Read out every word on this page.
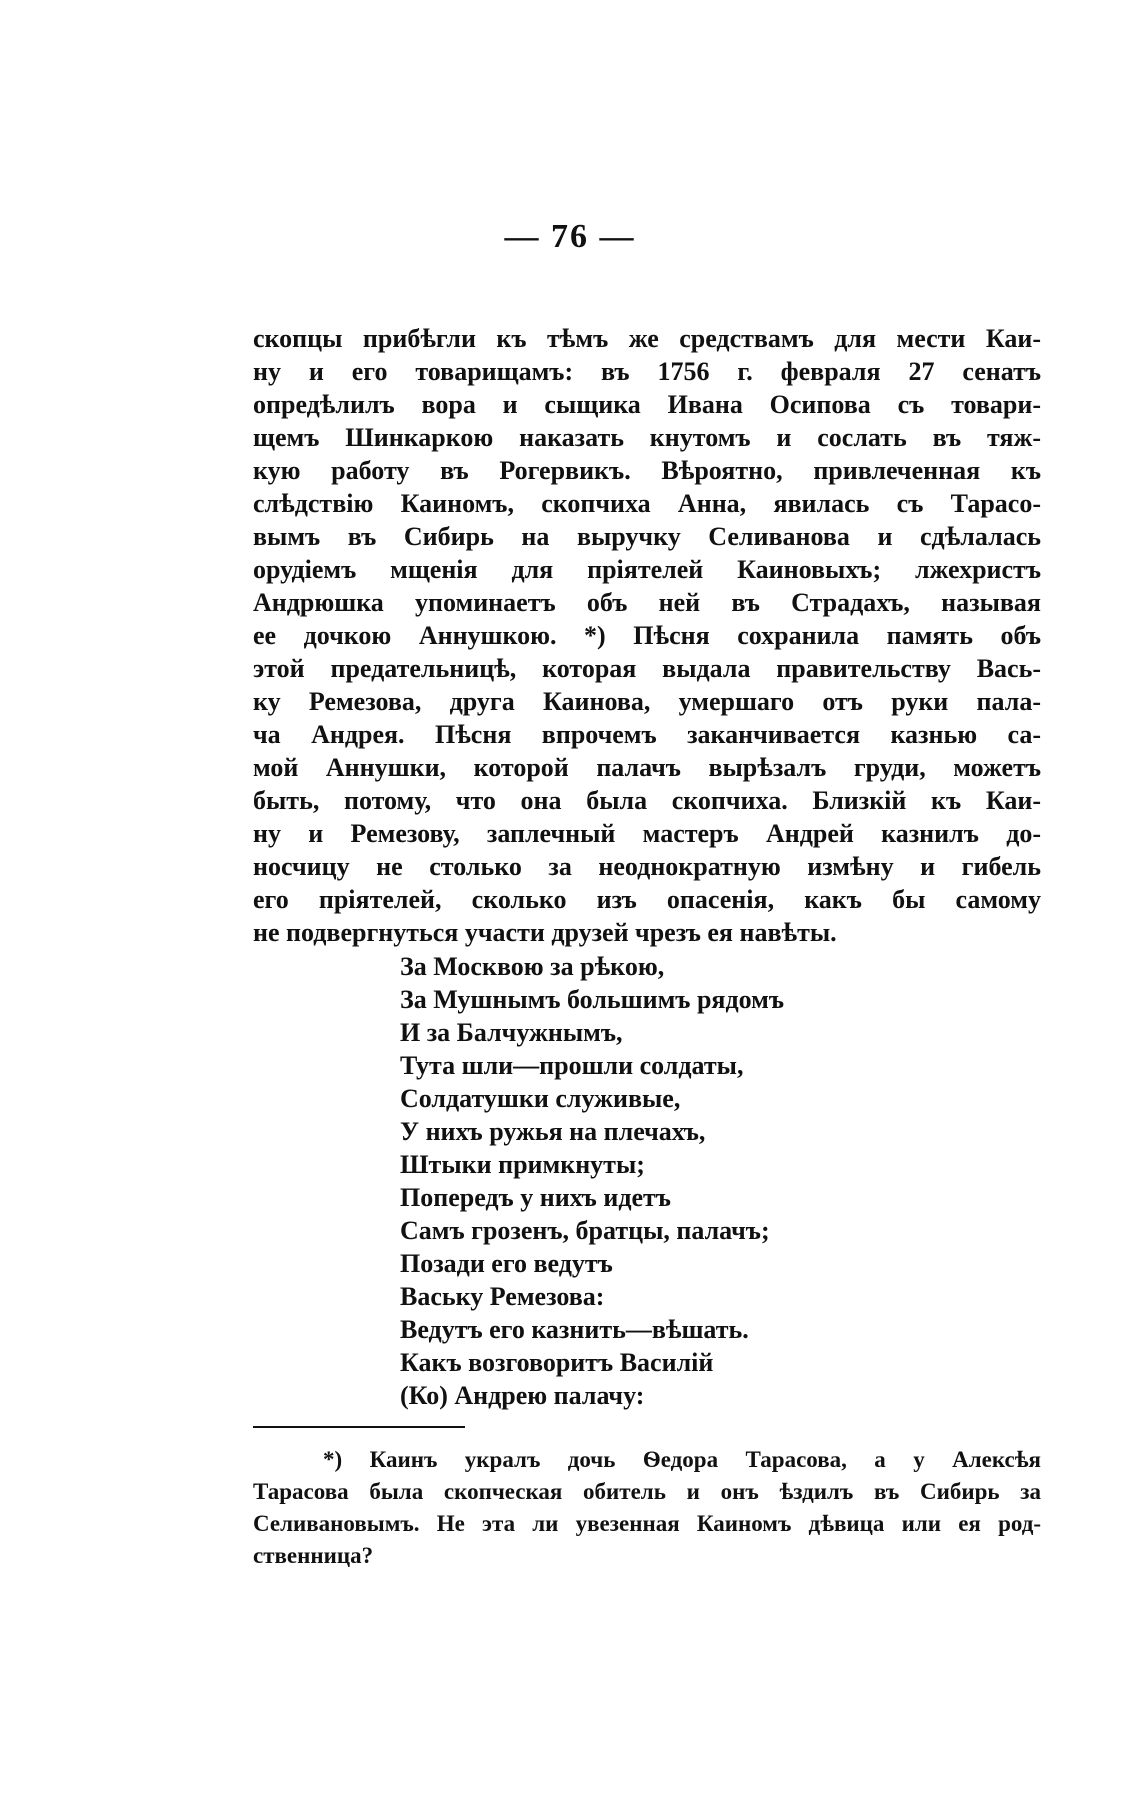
— 76 —
скопцы прибѣгли къ тѣмъ же средствамъ для мести Каи-
ну и его товарищамъ: въ 1756 г. февраля 27 сенатъ
опредѣлилъ вора и сыщика Ивана Осипова съ товари-
щемъ Шинкаркою наказать кнутомъ и сослать въ тяж-
кую работу въ Рогервикъ. Вѣроятно, привлеченная къ
слѣдствію Каиномъ, скопчиха Анна, явилась съ Тарасо-
вымъ въ Сибирь на выручку Селиванова и сдѣлалась
орудіемъ мщенія для пріятелей Каиновыхъ; лжехристъ
Андрюшка упоминаетъ объ ней въ Страдахъ, называя
ее дочкою Аннушкою. *) Пѣсня сохранила память объ
этой предательницѣ, которая выдала правительству Вась-
ку Ремезова, друга Каинова, умершаго отъ руки пала-
ча Андрея. Пѣсня впрочемъ заканчивается казнью са-
мой Аннушки, которой палачъ вырѣзалъ груди, можетъ
быть, потому, что она была скопчиха. Близкій къ Каи-
ну и Ремезову, заплечный мастеръ Андрей казнилъ до-
носчицу не столько за неоднократную измѣну и гибель
его пріятелей, сколько изъ опасенія, какъ бы самому
не подвергнуться участи друзей чрезъ ея навѣты.
За Москвою за рѣкою,
За Мушнымъ большимъ рядомъ
И за Балчужнымъ,
Тута шли—прошли солдаты,
Солдатушки служивые,
У нихъ ружья на плечахъ,
Штыки примкнуты;
Попередъ у нихъ идетъ
Самъ грозенъ, братцы, палачъ;
Позади его ведутъ
Ваську Ремезова:
Ведутъ его казнить—вѣшать.
Какъ возговоритъ Василій
(Ко) Андрею палачу:
*) Каинъ укралъ дочь Ѳедора Тарасова, а у Алексѣя
Тарасова была скопческая обитель и онъ ѣздилъ въ Сибирь за
Селивановымъ. Не эта ли увезенная Каиномъ дѣвица или ея род-
ственница?
